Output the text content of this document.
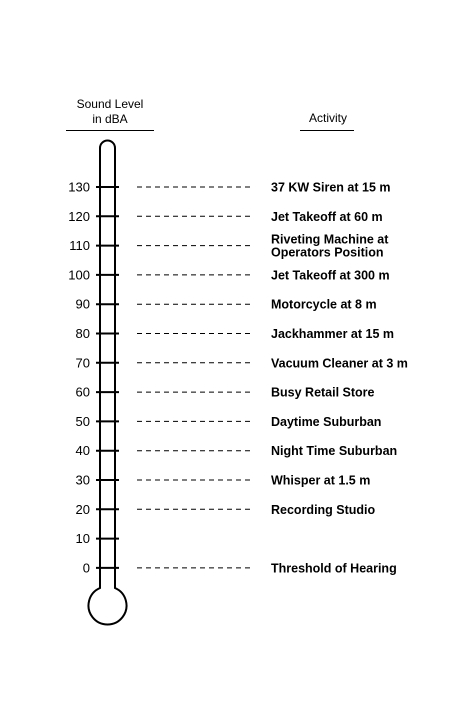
Sound Level
in dBA	Activity
130	37 KW Siren at 15 m
120	Jet Takeoff at 60 m
110	Riveting Machine at
Operators Position
100	Jet Takeoff at 300 m
90	Motorcycle at 8 m
80	Jackhammer at 15 m
70	Vacuum Cleaner at 3 m
60	Busy Retail Store
50	Daytime Suburban
40	Night Time Suburban
30	Whisper at 1.5 m
20	Recording Studio
10
0	Threshold of Hearing
